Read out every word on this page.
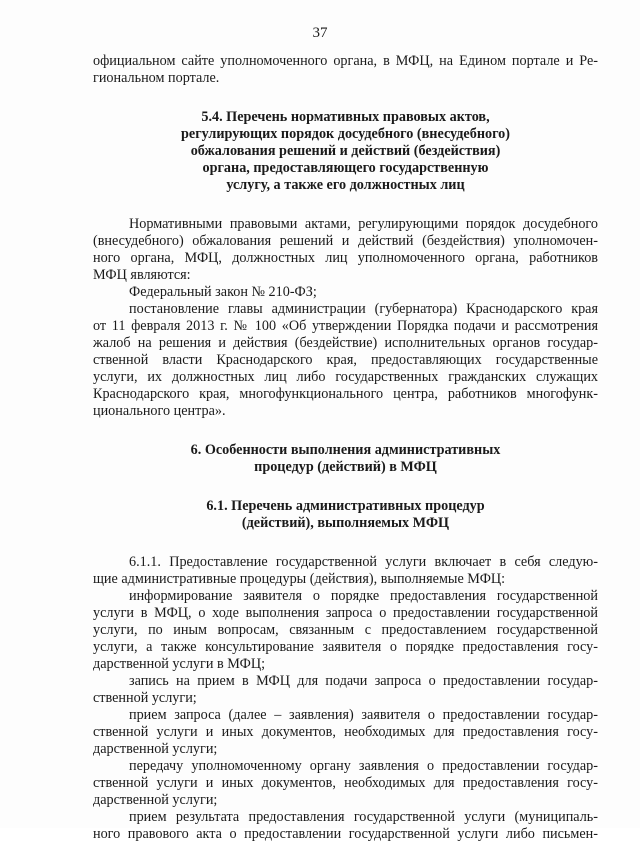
37
официальном сайте уполномоченного органа, в МФЦ, на Едином портале и Ре-
гиональном портале.
5.4. Перечень нормативных правовых актов,
регулирующих порядок досудебного (внесудебного)
обжалования решений и действий (бездействия)
органа, предоставляющего государственную
услугу, а также его должностных лиц
Нормативными правовыми актами, регулирующими порядок досудебного
(внесудебного) обжалования решений и действий (бездействия) уполномочен-
ного органа, МФЦ, должностных лиц уполномоченного органа, работников
МФЦ являются:
Федеральный закон № 210-ФЗ;
постановление главы администрации (губернатора) Краснодарского края
от 11 февраля 2013 г. № 100 «Об утверждении Порядка подачи и рассмотрения
жалоб на решения и действия (бездействие) исполнительных органов государ-
ственной власти Краснодарского края, предоставляющих государственные
услуги, их должностных лиц либо государственных гражданских служащих
Краснодарского края, многофункционального центра, работников многофунк-
ционального центра».
6. Особенности выполнения административных
процедур (действий) в МФЦ
6.1. Перечень административных процедур
(действий), выполняемых МФЦ
6.1.1. Предоставление государственной услуги включает в себя следую-
щие административные процедуры (действия), выполняемые МФЦ:
информирование заявителя о порядке предоставления государственной
услуги в МФЦ, о ходе выполнения запроса о предоставлении государственной
услуги, по иным вопросам, связанным с предоставлением государственной
услуги, а также консультирование заявителя о порядке предоставления госу-
дарственной услуги в МФЦ;
запись на прием в МФЦ для подачи запроса о предоставлении государ-
ственной услуги;
прием запроса (далее – заявления) заявителя о предоставлении государ-
ственной услуги и иных документов, необходимых для предоставления госу-
дарственной услуги;
передачу уполномоченному органу заявления о предоставлении государ-
ственной услуги и иных документов, необходимых для предоставления госу-
дарственной услуги;
прием результата предоставления государственной услуги (муниципаль-
ного правового акта о предоставлении государственной услуги либо письмен-
